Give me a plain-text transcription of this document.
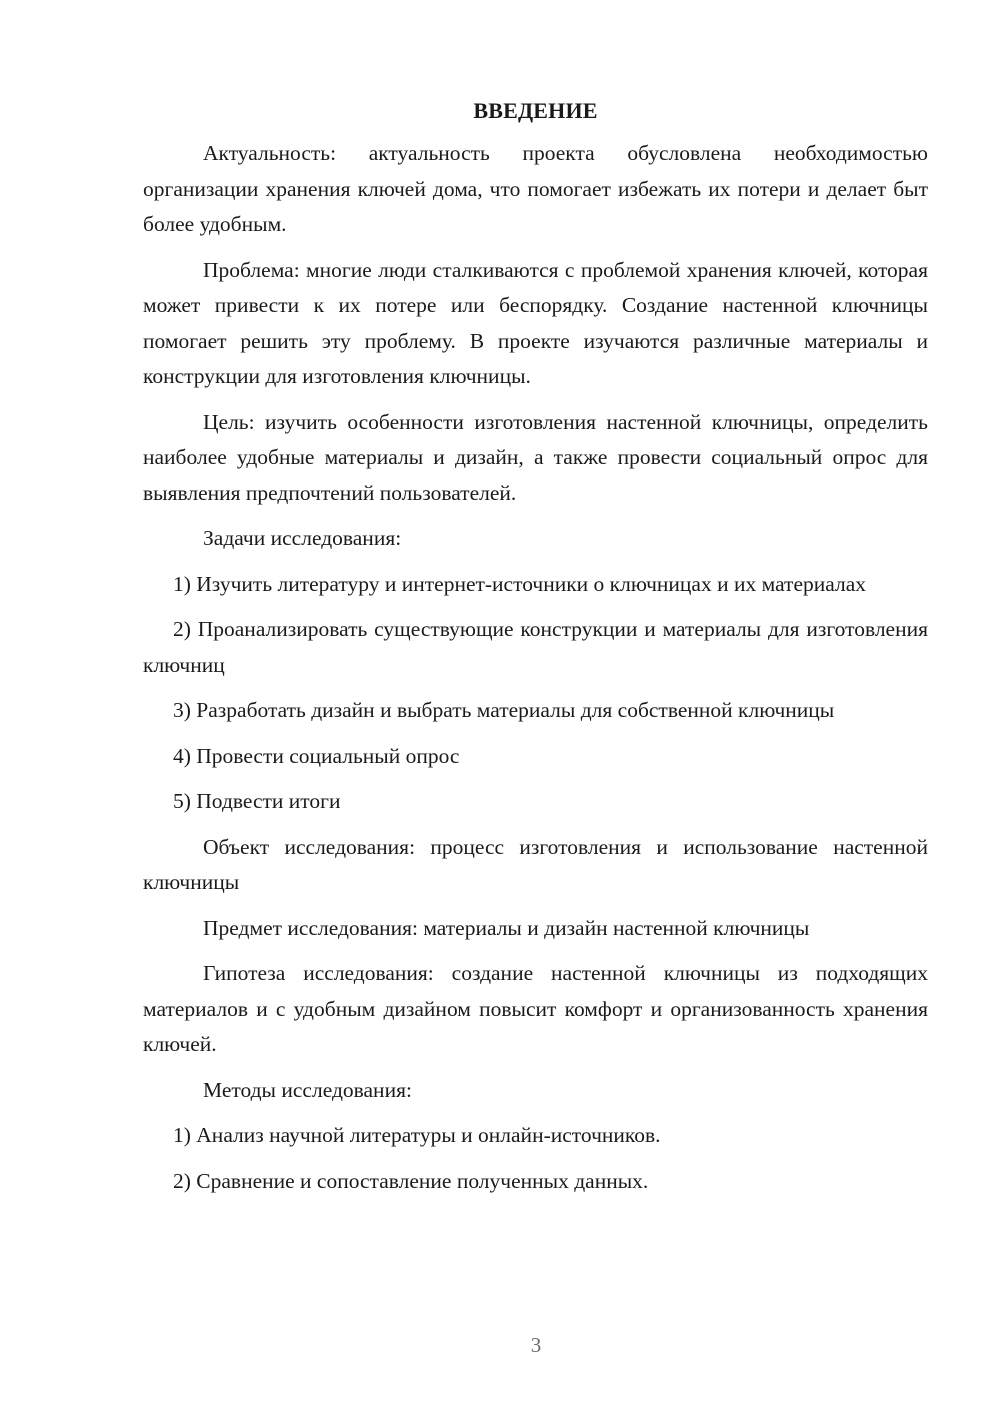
ВВЕДЕНИЕ

Актуальность: актуальность проекта обусловлена необходимостью организации хранения ключей дома, что помогает избежать их потери и делает быт более удобным.

Проблема: многие люди сталкиваются с проблемой хранения ключей, которая может привести к их потере или беспорядку. Создание настенной ключницы помогает решить эту проблему. В проекте изучаются различные материалы и конструкции для изготовления ключницы.

Цель: изучить особенности изготовления настенной ключницы, определить наиболее удобные материалы и дизайн, а также провести социальный опрос для выявления предпочтений пользователей.

Задачи исследования:

1) Изучить литературу и интернет-источники о ключницах и их материалах

2) Проанализировать существующие конструкции и материалы для изготовления ключниц

3) Разработать дизайн и выбрать материалы для собственной ключницы

4) Провести социальный опрос

5) Подвести итоги

Объект исследования: процесс изготовления и использование настенной ключницы

Предмет исследования: материалы и дизайн настенной ключницы

Гипотеза исследования: создание настенной ключницы из подходящих материалов и с удобным дизайном повысит комфорт и организованность хранения ключей.

Методы исследования:

1) Анализ научной литературы и онлайн-источников.

2) Сравнение и сопоставление полученных данных.

3
